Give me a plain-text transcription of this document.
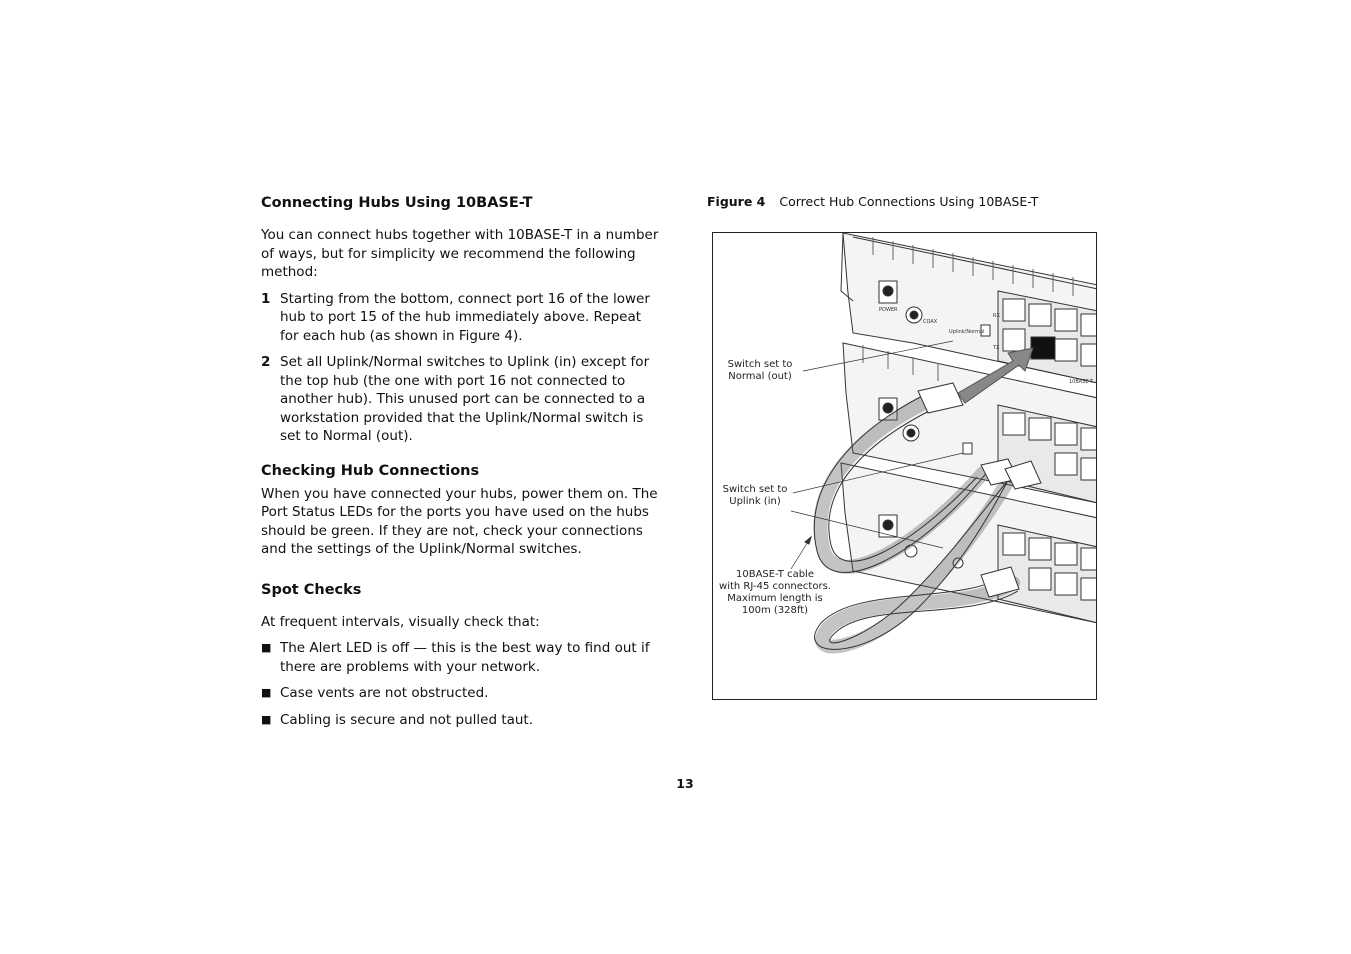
Connecting Hubs Using 10BASE-T

You can connect hubs together with 10BASE-T in a number of ways, but for simplicity we recommend the following method:

1 Starting from the bottom, connect port 16 of the lower hub to port 15 of the hub immediately above. Repeat for each hub (as shown in Figure 4).

2 Set all Uplink/Normal switches to Uplink (in) except for the top hub (the one with port 16 not connected to another hub). This unused port can be connected to a workstation provided that the Uplink/Normal switch is set to Normal (out).

Checking Hub Connections

When you have connected your hubs, power them on. The Port Status LEDs for the ports you have used on the hubs should be green. If they are not, check your connections and the settings of the Uplink/Normal switches.

Spot Checks

At frequent intervals, visually check that:

■ The Alert LED is off — this is the best way to find out if there are problems with your network.

■ Case vents are not obstructed.

■ Cabling is secure and not pulled taut.

Figure 4 Correct Hub Connections Using 10BASE-T
POWER
COAX
10BASE-T
RX
TX
Uplink/Normal
Switch set to
Normal (out)
Switch set to
Uplink (in)
10BASE-T cable
with RJ-45 connectors.
Maximum length is
100m (328ft)
13
